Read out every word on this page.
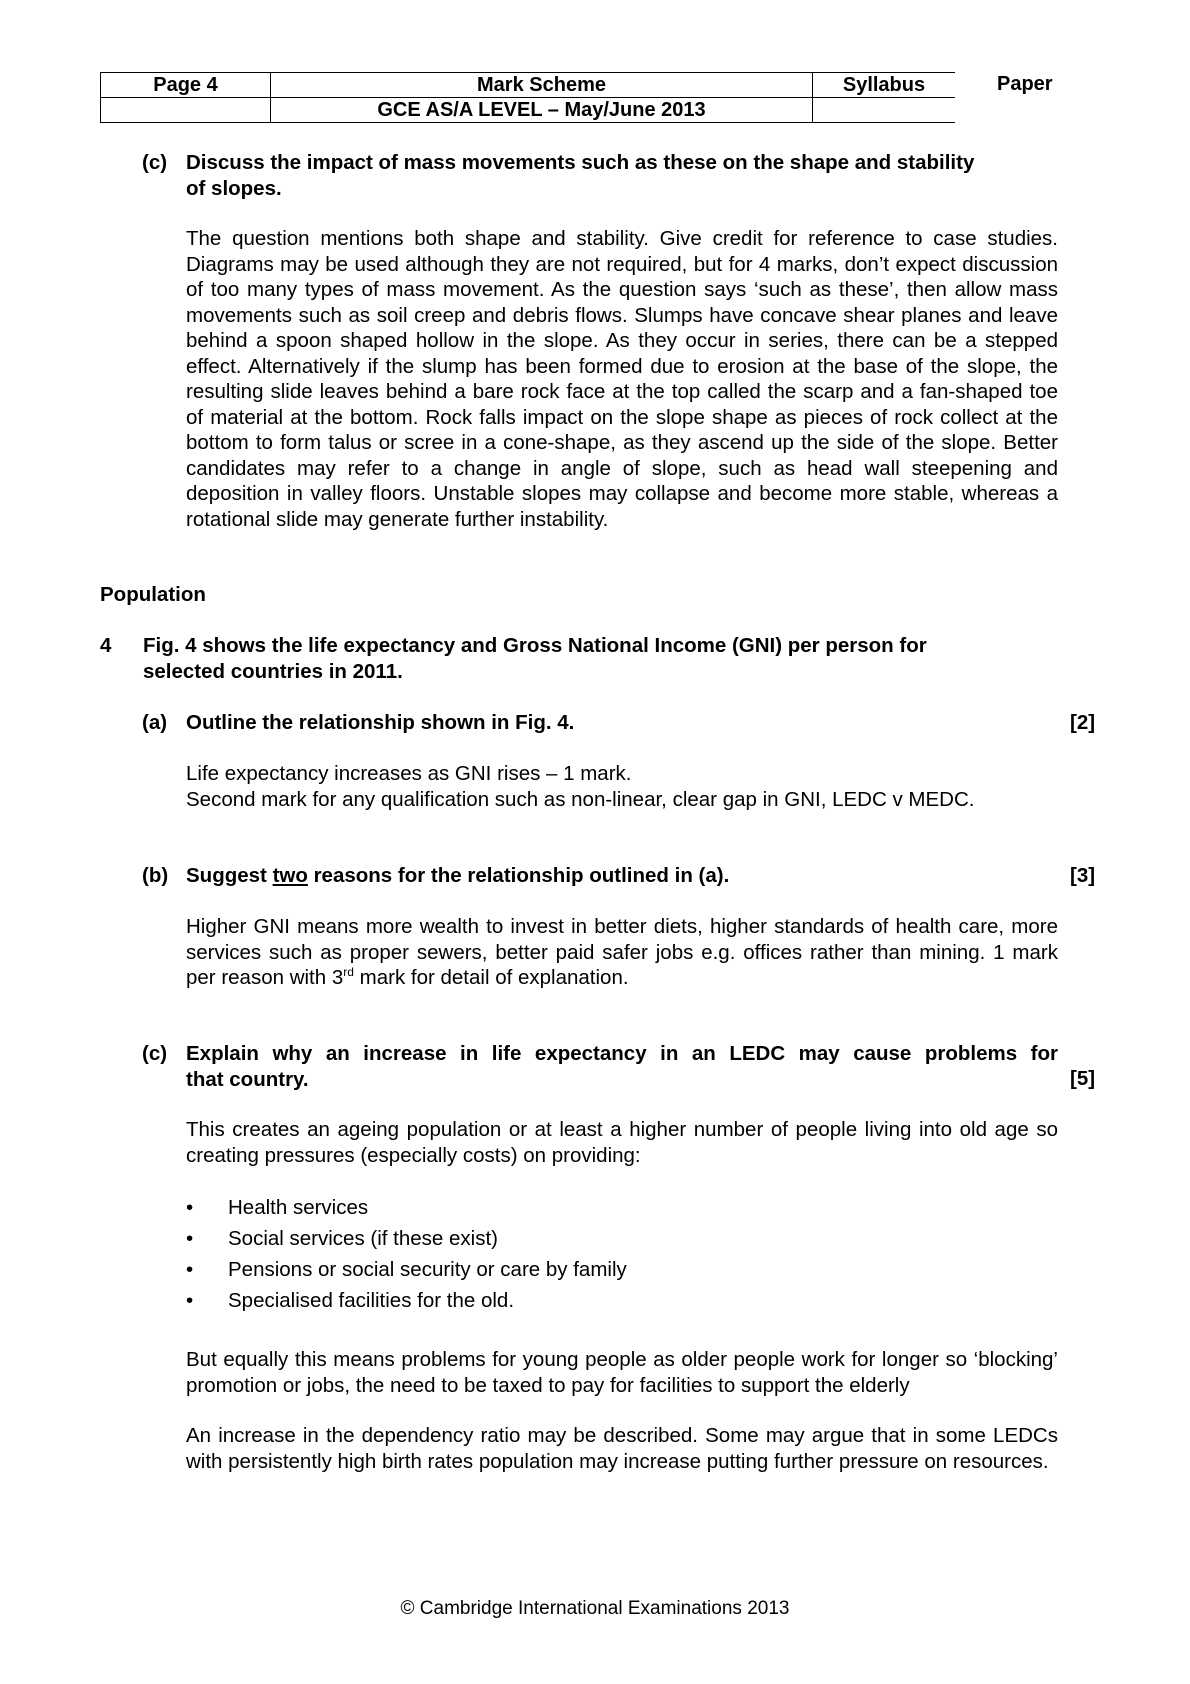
Page 4	Mark Scheme	Syllabus
	GCE AS/A LEVEL – May/June 2013	
Paper
(c) Discuss the impact of mass movements such as these on the shape and stability
of slopes.
The question mentions both shape and stability. Give credit for reference to case studies. Diagrams may be used although they are not required, but for 4 marks, don’t expect discussion of too many types of mass movement. As the question says ‘such as these’, then allow mass movements such as soil creep and debris flows. Slumps have concave shear planes and leave behind a spoon shaped hollow in the slope. As they occur in series, there can be a stepped effect. Alternatively if the slump has been formed due to erosion at the base of the slope, the resulting slide leaves behind a bare rock face at the top called the scarp and a fan-shaped toe of material at the bottom. Rock falls impact on the slope shape as pieces of rock collect at the bottom to form talus or scree in a cone-shape, as they ascend up the side of the slope. Better candidates may refer to a change in angle of slope, such as head wall steepening and deposition in valley floors. Unstable slopes may collapse and become more stable, whereas a rotational slide may generate further instability.
Population
4 Fig. 4 shows the life expectancy and Gross National Income (GNI) per person for
selected countries in 2011.
(a) Outline the relationship shown in Fig. 4.	[2]
Life expectancy increases as GNI rises – 1 mark.
Second mark for any qualification such as non-linear, clear gap in GNI, LEDC v MEDC.
(b) Suggest two reasons for the relationship outlined in (a).	[3]
Higher GNI means more wealth to invest in better diets, higher standards of health care, more services such as proper sewers, better paid safer jobs e.g. offices rather than mining. 1 mark per reason with 3rd mark for detail of explanation.
(c) Explain why an increase in life expectancy in an LEDC may cause problems for
that country.	[5]
This creates an ageing population or at least a higher number of people living into old age so creating pressures (especially costs) on providing:
• Health services
• Social services (if these exist)
• Pensions or social security or care by family
• Specialised facilities for the old.
But equally this means problems for young people as older people work for longer so ‘blocking’ promotion or jobs, the need to be taxed to pay for facilities to support the elderly
An increase in the dependency ratio may be described. Some may argue that in some LEDCs with persistently high birth rates population may increase putting further pressure on resources.
© Cambridge International Examinations 2013
